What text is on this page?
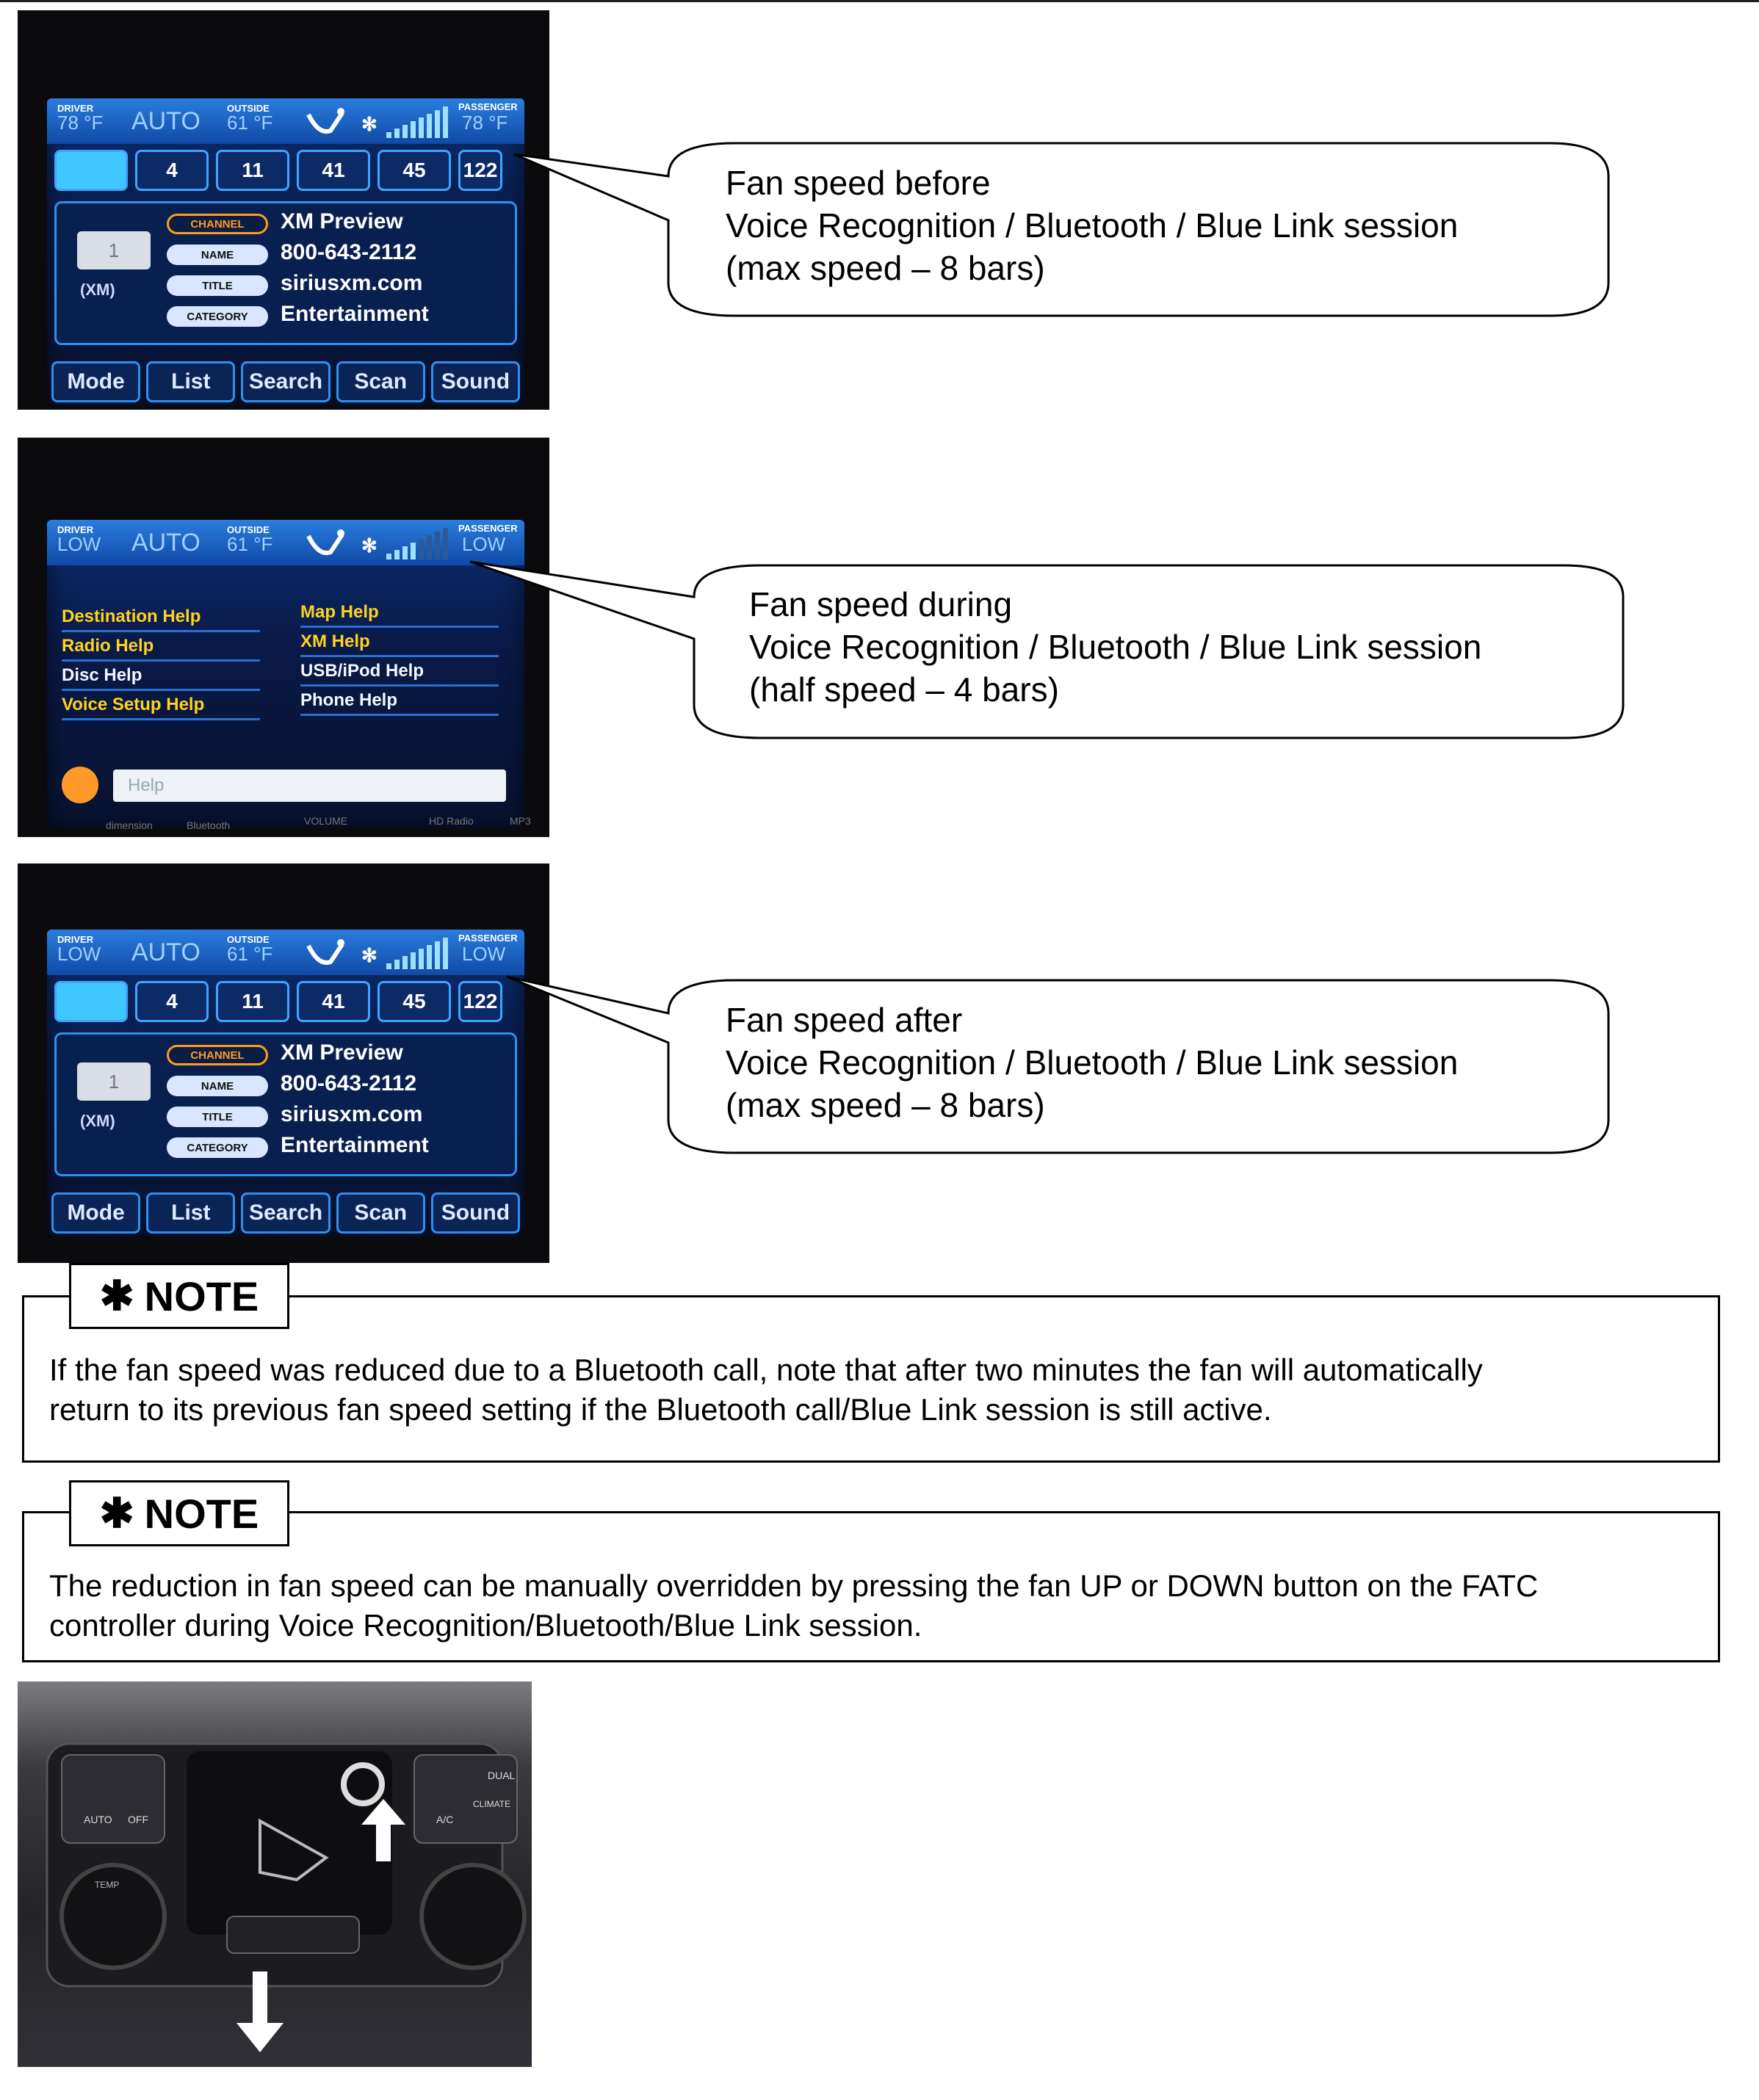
DRIVER
78 °F AUTO	OUTSIDE
61 °F	✻
PASSENGER
78 °F
1	4	11	41	45	122
1
(XM)
CHANNEL
NAME
TITLE
CATEGORY
XM Preview
800-643-2112
siriusxm.com
Entertainment
Mode	List	Search	Scan	Sound
DRIVER
LOW AUTO	OUTSIDE
61 °F	✻
PASSENGER
LOW
Destination Help
Radio Help
Disc Help
Voice Setup Help
Map Help
XM Help
USB/iPod Help
Phone Help
Help
dimension	Bluetooth	VOLUME	HD Radio	MP3
DRIVER
LOW AUTO	OUTSIDE
61 °F	✻
PASSENGER
LOW
1	4	11	41	45	122
1
(XM)
CHANNEL
NAME
TITLE
CATEGORY
XM Preview
800-643-2112
siriusxm.com
Entertainment
Mode	List	Search	Scan	Sound
Fan speed before
Voice Recognition / Bluetooth / Blue Link session
(max speed – 8 bars)
Fan speed during
Voice Recognition / Bluetooth / Blue Link session
(half speed – 4 bars)
Fan speed after
Voice Recognition / Bluetooth / Blue Link session
(max speed – 8 bars)
If the fan speed was reduced due to a Bluetooth call, note that after two minutes the fan will automatically
return to its previous fan speed setting if the Bluetooth call/Blue Link session is still active.
✱ NOTE
The reduction in fan speed can be manually overridden by pressing the fan UP or DOWN button on the FATC
controller during Voice Recognition/Bluetooth/Blue Link session.
✱ NOTE
AUTO OFF	A/C
DUAL
CLIMATE
TEMP
